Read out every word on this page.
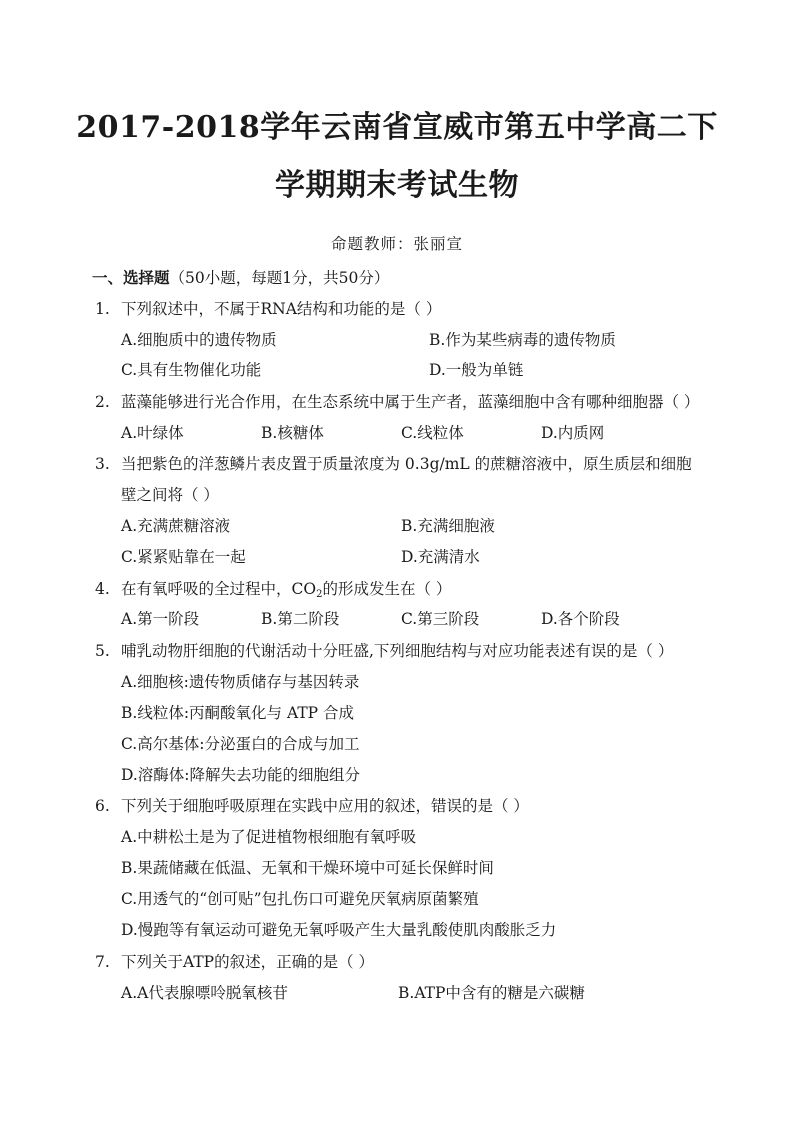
2017-2018学年云南省宣威市第五中学高二下
学期期末考试生物
命题教师：张丽宣
一、选择题（50小题，每题1分，共50分）
1. 下列叙述中，不属于RNA结构和功能的是（ ）
A.细胞质中的遗传物质	B.作为某些病毒的遗传物质
C.具有生物催化功能	D.一般为单链
2. 蓝藻能够进行光合作用，在生态系统中属于生产者，蓝藻细胞中含有哪种细胞器（ ）
A.叶绿体	B.核糖体	C.线粒体	D.内质网
3. 当把紫色的洋葱鳞片表皮置于质量浓度为 0.3g/mL 的蔗糖溶液中，原生质层和细胞
壁之间将（ ）
A.充满蔗糖溶液	B.充满细胞液
C.紧紧贴靠在一起	D.充满清水
4. 在有氧呼吸的全过程中，$CO_2$的形成发生在（ ）
A.第一阶段	B.第二阶段	C.第三阶段	D.各个阶段
5. 哺乳动物肝细胞的代谢活动十分旺盛,下列细胞结构与对应功能表述有误的是（ ）
A.细胞核:遗传物质储存与基因转录
B.线粒体:丙酮酸氧化与 ATP 合成
C.高尔基体:分泌蛋白的合成与加工
D.溶酶体:降解失去功能的细胞组分
6. 下列关于细胞呼吸原理在实践中应用的叙述，错误的是（ ）
A.中耕松土是为了促进植物根细胞有氧呼吸
B.果蔬储藏在低温、无氧和干燥环境中可延长保鲜时间
C.用透气的“创可贴”包扎伤口可避免厌氧病原菌繁殖
D.慢跑等有氧运动可避免无氧呼吸产生大量乳酸使肌肉酸胀乏力
7. 下列关于ATP的叙述，正确的是（ ）
A.A代表腺嘌呤脱氧核苷	B.ATP中含有的糖是六碳糖
